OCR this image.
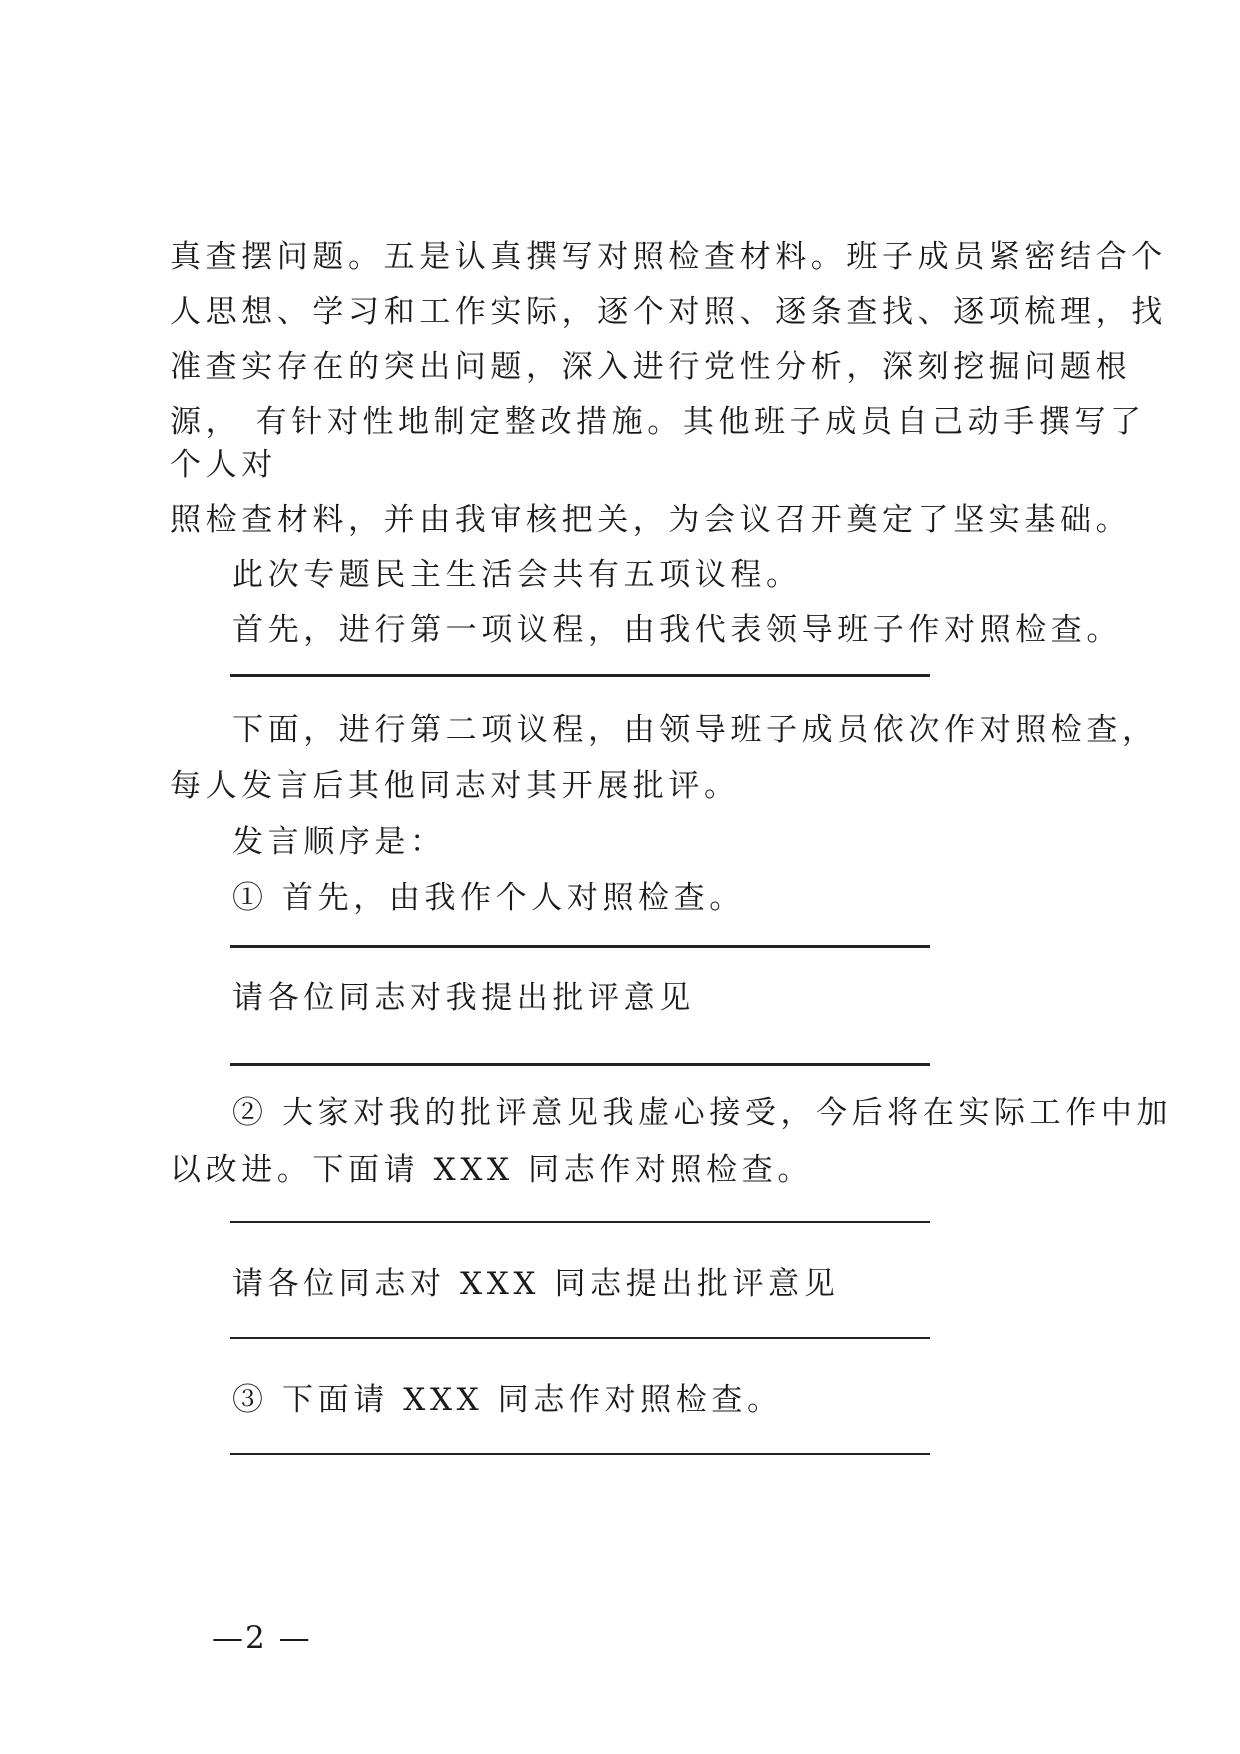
真查摆问题。五是认真撰写对照检查材料。班子成员紧密结合个
人思想、学习和工作实际，逐个对照、逐条查找、逐项梳理，找
准查实存在的突出问题，深入进行党性分析，深刻挖掘问题根
源， 有针对性地制定整改措施。其他班子成员自己动手撰写了
个人对
照检查材料，并由我审核把关，为会议召开奠定了坚实基础。
此次专题民主生活会共有五项议程。
首先，进行第一项议程，由我代表领导班子作对照检查。
下面，进行第二项议程，由领导班子成员依次作对照检查，
每人发言后其他同志对其开展批评。
发言顺序是：
① 首先，由我作个人对照检查。
请各位同志对我提出批评意见
② 大家对我的批评意见我虚心接受，今后将在实际工作中加
以改进。下面请 XXX 同志作对照检查。
请各位同志对 XXX 同志提出批评意见
③ 下面请 XXX 同志作对照检查。
—2 —
